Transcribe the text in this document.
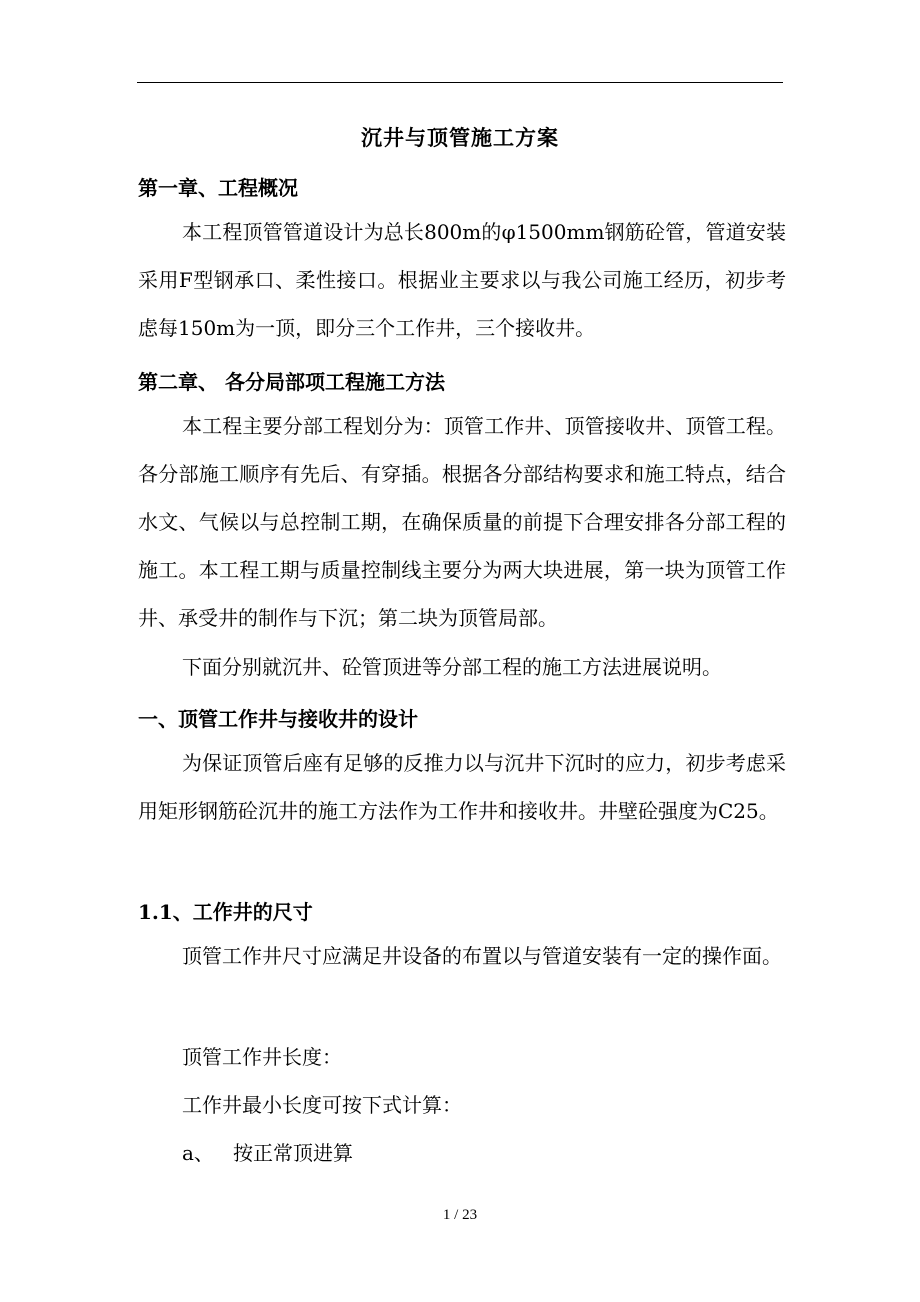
沉井与顶管施工方案
第一章、工程概况

本工程顶管管道设计为总长800m的φ1500mm钢筋砼管，管道安装采用F型钢承口、柔性接口。根据业主要求以与我公司施工经历，初步考虑每150m为一顶，即分三个工作井，三个接收井。

第二章、 各分局部项工程施工方法

本工程主要分部工程划分为：顶管工作井、顶管接收井、顶管工程。各分部施工顺序有先后、有穿插。根据各分部结构要求和施工特点，结合水文、气候以与总控制工期，在确保质量的前提下合理安排各分部工程的施工。本工程工期与质量控制线主要分为两大块进展，第一块为顶管工作井、承受井的制作与下沉；第二块为顶管局部。

下面分别就沉井、砼管顶进等分部工程的施工方法进展说明。

一、顶管工作井与接收井的设计

为保证顶管后座有足够的反推力以与沉井下沉时的应力，初步考虑采用矩形钢筋砼沉井的施工方法作为工作井和接收井。井壁砼强度为C25。

1.1、工作井的尺寸

顶管工作井尺寸应满足井设备的布置以与管道安装有一定的操作面。

顶管工作井长度：
工作井最小长度可按下式计算：
a、   按正常顶进算
1 / 23
